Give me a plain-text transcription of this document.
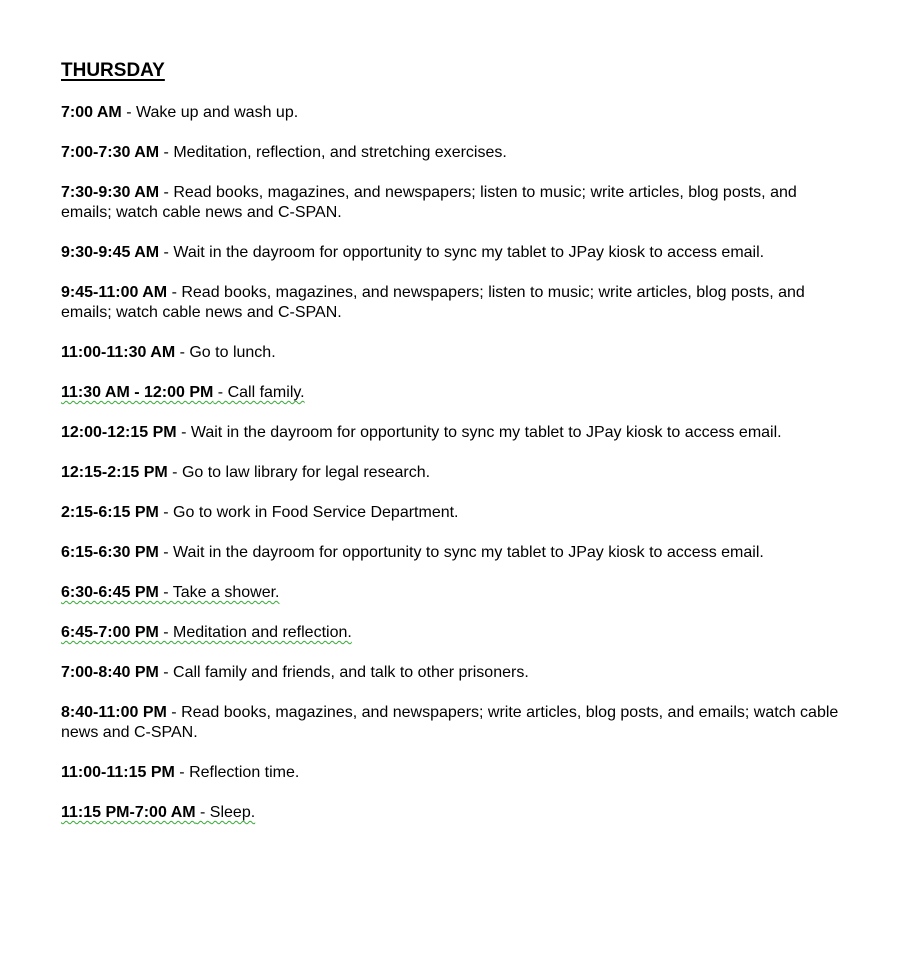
THURSDAY

7:00 AM - Wake up and wash up.

7:00-7:30 AM - Meditation, reflection, and stretching exercises.

7:30-9:30 AM - Read books, magazines, and newspapers; listen to music; write articles, blog posts, and emails; watch cable news and C-SPAN.

9:30-9:45 AM - Wait in the dayroom for opportunity to sync my tablet to JPay kiosk to access email.

9:45-11:00 AM - Read books, magazines, and newspapers; listen to music; write articles, blog posts, and emails; watch cable news and C-SPAN.

11:00-11:30 AM - Go to lunch.

11:30 AM - 12:00 PM - Call family.

12:00-12:15 PM - Wait in the dayroom for opportunity to sync my tablet to JPay kiosk to access email.

12:15-2:15 PM - Go to law library for legal research.

2:15-6:15 PM - Go to work in Food Service Department.

6:15-6:30 PM - Wait in the dayroom for opportunity to sync my tablet to JPay kiosk to access email.

6:30-6:45 PM - Take a shower.

6:45-7:00 PM - Meditation and reflection.

7:00-8:40 PM - Call family and friends, and talk to other prisoners.

8:40-11:00 PM - Read books, magazines, and newspapers; write articles, blog posts, and emails; watch cable news and C-SPAN.

11:00-11:15 PM - Reflection time.

11:15 PM-7:00 AM - Sleep.
